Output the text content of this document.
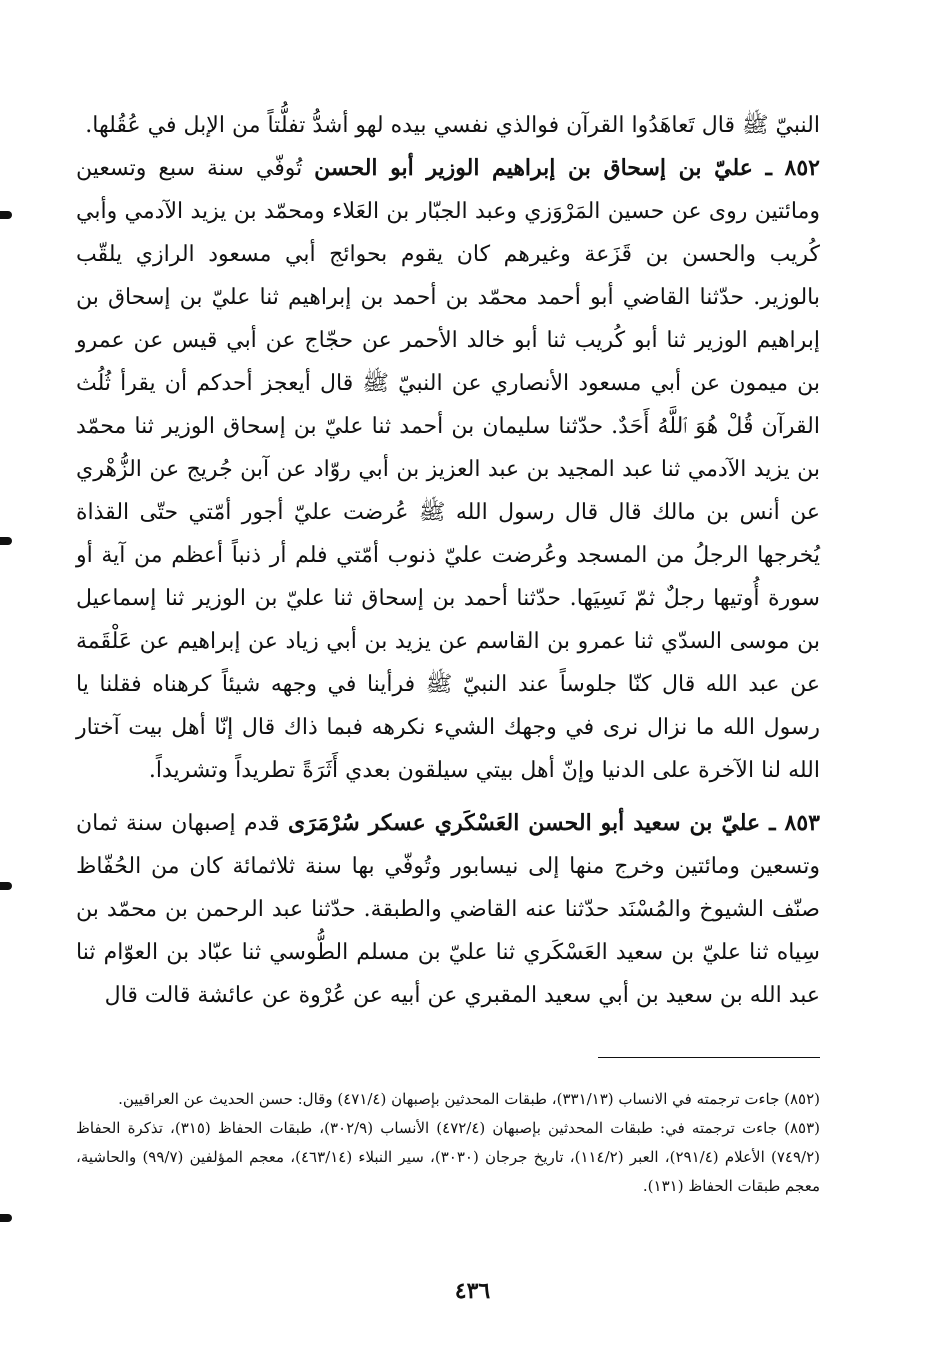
النبيّ ﷺ قال تَعاهَدُوا القرآن فوالذي نفسي بيده لهو أشدُّ تفلُّتاً من الإبل في عُقُلها.

٨٥٢ ـ عليّ بن إسحاق بن إبراهيم الوزير أبو الحسن تُوفّي سنة سبع وتسعين ومائتين روى عن حسين المَرْوَزي وعبد الجبّار بن العَلاء ومحمّد بن يزيد الآدمي وأبي كُريب والحسن بن قَزَعة وغيرهم كان يقوم بحوائج أبي مسعود الرازي يلقّب بالوزير. حدّثنا القاضي أبو أحمد محمّد بن أحمد بن إبراهيم ثنا عليّ بن إسحاق بن إبراهيم الوزير ثنا أبو كُريب ثنا أبو خالد الأحمر عن حجّاج عن أبي قيس عن عمرو بن ميمون عن أبي مسعود الأنصاري عن النبيّ ﷺ قال أيعجز أحدكم أن يقرأ ثُلُث القرآن قُلْ هُوَ ٱللَّهُ أَحَدٌ. حدّثنا سليمان بن أحمد ثنا عليّ بن إسحاق الوزير ثنا محمّد بن يزيد الآدمي ثنا عبد المجيد بن عبد العزيز بن أبي روّاد عن آبن جُريج عن الزُّهْري عن أنس بن مالك قال قال رسول الله ﷺ عُرضت عليّ أجور أمّتي حتّى القذاة يُخرجها الرجلُ من المسجد وعُرضت عليّ ذنوب أمّتي فلم أر ذنباً أعظم من آية أو سورة أُوتيها رجلٌ ثمّ نَسِيَها. حدّثنا أحمد بن إسحاق ثنا عليّ بن الوزير ثنا إسماعيل بن موسى السدّي ثنا عمرو بن القاسم عن يزيد بن أبي زياد عن إبراهيم عن عَلْقَمة عن عبد الله قال كنّا جلوساً عند النبيّ ﷺ فرأينا في وجهه شيئاً كرهناه فقلنا يا رسول الله ما نزال نرى في وجهك الشيء نكرهه فبما ذاك قال إنّا أهل بيت آختار الله لنا الآخرة على الدنيا وإنّ أهل بيتي سيلقون بعدي أَثَرَةً تطريداً وتشريداً.

٨٥٣ ـ عليّ بن سعيد أبو الحسن العَسْكَري عسكر سُرْمَرَى قدم إصبهان سنة ثمان وتسعين ومائتين وخرج منها إلى نيسابور وتُوفّي بها سنة ثلاثمائة كان من الحُفّاظ صنّف الشيوخ والمُسْنَد حدّثنا عنه القاضي والطبقة. حدّثنا عبد الرحمن بن محمّد بن سِياه ثنا عليّ بن سعيد العَسْكَري ثنا عليّ بن مسلم الطُّوسي ثنا عبّاد بن العوّام ثنا عبد الله بن سعيد بن أبي سعيد المقبري عن أبيه عن عُرْوة عن عائشة قالت قال

(٨٥٢) جاءت ترجمته في الانساب (٣٣١/١٣)، طبقات المحدثين بإصبهان (٤٧١/٤) وقال: حسن الحديث عن العراقيين.

(٨٥٣) جاءت ترجمته في: طبقات المحدثين بإصبهان (٤٧٢/٤) الأنساب (٣٠٢/٩)، طبقات الحفاظ (٣١٥)، تذكرة الحفاظ (٧٤٩/٢) الأعلام (٢٩١/٤)، العبر (١١٤/٢)، تاريخ جرجان (٣٠٣٠)، سير النبلاء (٤٦٣/١٤)، معجم المؤلفين (٩٩/٧) والحاشية، معجم طبقات الحفاظ (١٣١).

٤٣٦
